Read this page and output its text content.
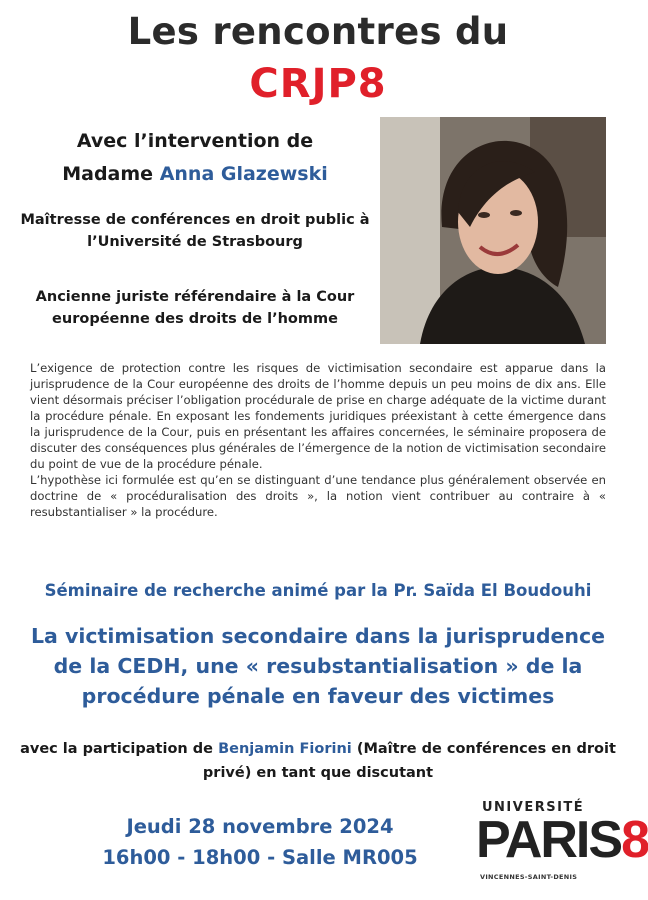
Les rencontres du
CRJP8
Avec l’intervention de
Madame Anna Glazewski
Maîtresse de conférences en droit public à l’Université de Strasbourg
Ancienne juriste référendaire à la Cour européenne des droits de l’homme

L’exigence de protection contre les risques de victimisation secondaire est apparue dans la jurisprudence de la Cour européenne des droits de l’homme depuis un peu moins de dix ans. Elle vient désormais préciser l’obligation procédurale de prise en charge adéquate de la victime durant la procédure pénale. En exposant les fondements juridiques préexistant à cette émergence dans la jurisprudence de la Cour, puis en présentant les affaires concernées, le séminaire proposera de discuter des conséquences plus générales de l’émergence de la notion de victimisation secondaire du point de vue de la procédure pénale.

L’hypothèse ici formulée est qu’en se distinguant d’une tendance plus généralement observée en doctrine de « procéduralisation des droits », la notion vient contribuer au contraire à « resubstantialiser » la procédure.

Séminaire de recherche animé par la Pr. Saïda El Boudouhi
La victimisation secondaire dans la jurisprudence de la CEDH, une « resubstantialisation » de la procédure pénale en faveur des victimes
avec la participation de Benjamin Fiorini (Maître de conférences en droit privé) en tant que discutant
Jeudi 28 novembre 2024
16h00 - 18h00 - Salle MR005
UNIVERSITÉ
PARIS8
VINCENNES-SAINT-DENIS
